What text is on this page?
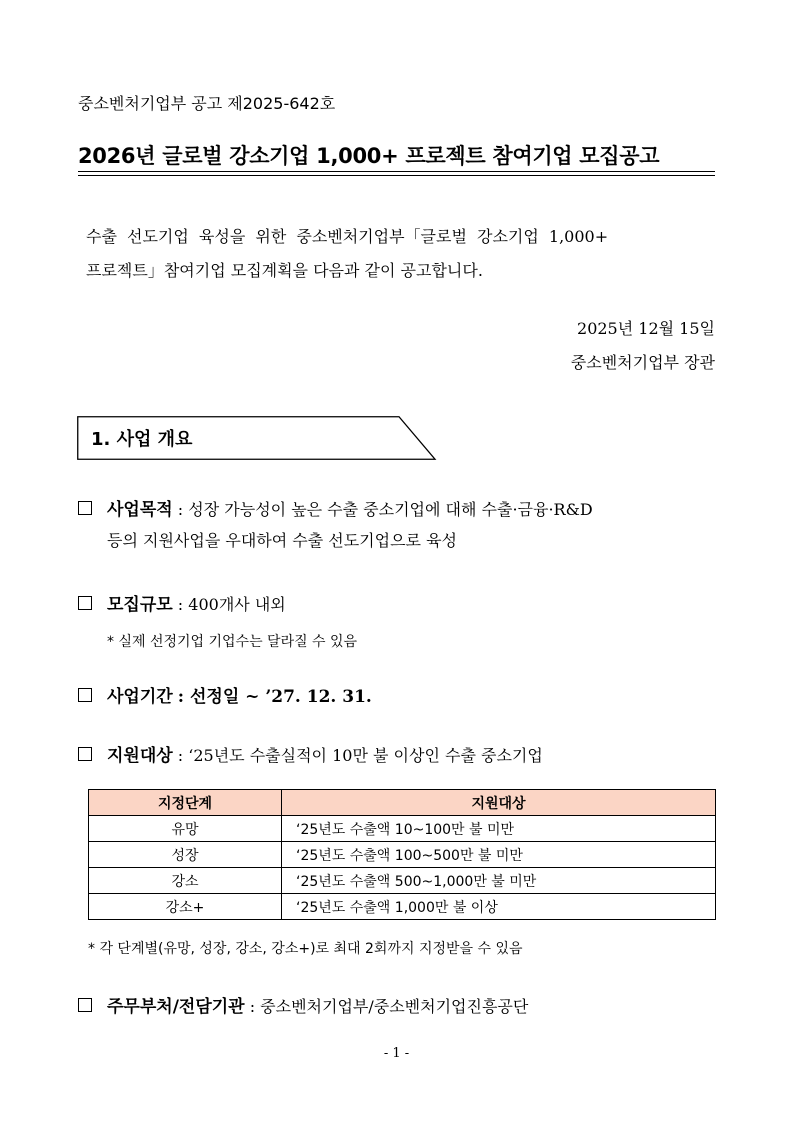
중소벤처기업부 공고 제2025-642호
2026년 글로벌 강소기업 1,000+ 프로젝트 참여기업 모집공고
수출 선도기업 육성을 위한 중소벤처기업부「글로벌 강소기업 1,000+
프로젝트」참여기업 모집계획을 다음과 같이 공고합니다.
2025년 12월 15일
중소벤처기업부 장관
1. 사업 개요
사업목적 : 성장 가능성이 높은 수출 중소기업에 대해 수출·금융·R&D
등의 지원사업을 우대하여 수출 선도기업으로 육성
모집규모 : 400개사 내외
* 실제 선정기업 기업수는 달라질 수 있음
사업기간 : 선정일 ~ ’27. 12. 31.
지원대상 : ‘25년도 수출실적이 10만 불 이상인 수출 중소기업
지정단계	지원대상
유망	‘25년도 수출액 10~100만 불 미만
성장	‘25년도 수출액 100~500만 불 미만
강소	‘25년도 수출액 500~1,000만 불 미만
강소+	‘25년도 수출액 1,000만 불 이상
* 각 단계별(유망, 성장, 강소, 강소+)로 최대 2회까지 지정받을 수 있음
주무부처/전담기관 : 중소벤처기업부/중소벤처기업진흥공단
- 1 -
